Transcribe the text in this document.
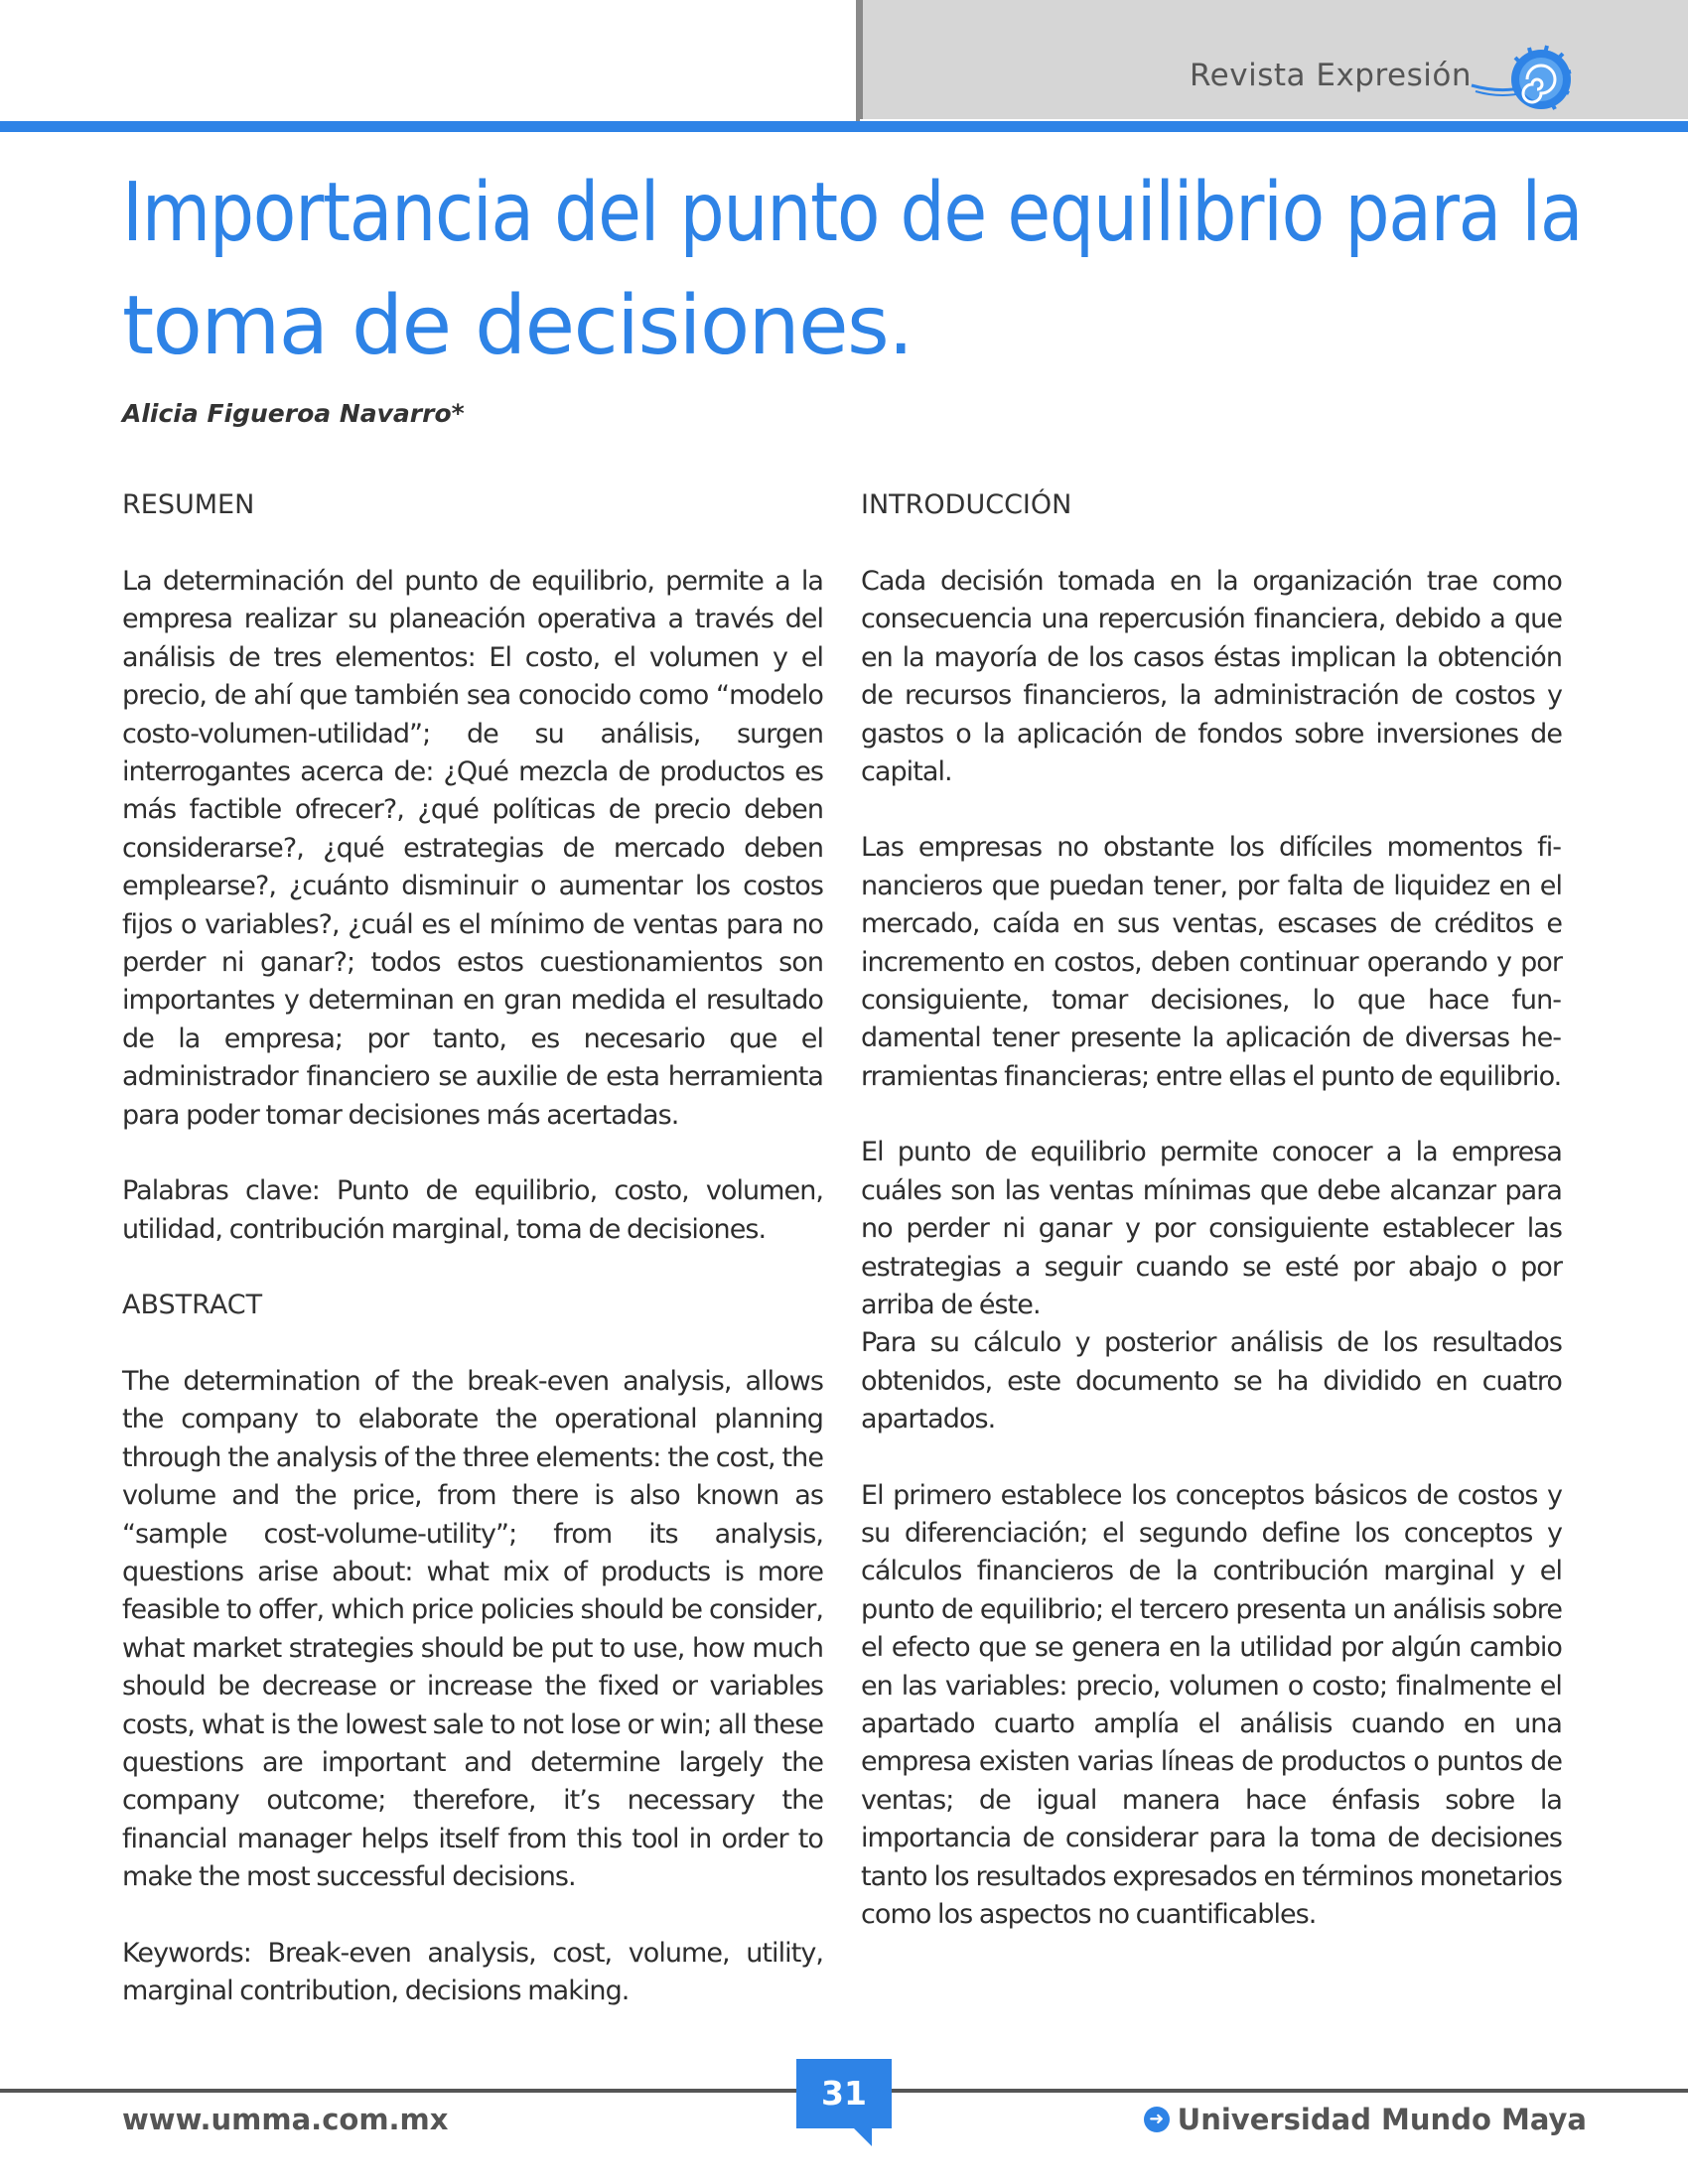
Revista Expresión
Importancia del punto de equilibrio para la
toma de decisiones.
Alicia Figueroa Navarro*
RESUMEN

La determinación del punto de equilibrio, permite a la empresa realizar su planeación operativa a través del análisis de tres elementos: El costo, el volumen y el precio, de ahí que también sea conocido como “modelo costo-volumen-utilidad”; de su análisis, surgen interrogantes acerca de: ¿Qué mezcla de productos es más factible ofrecer?, ¿qué políticas de precio deben considerarse?, ¿qué estrategias de mercado deben emplearse?, ¿cuánto disminuir o aumentar los costos fijos o variables?, ¿cuál es el mínimo de ventas para no perder ni ganar?; todos estos cuestionamientos son importantes y determinan en gran medida el resultado de la empresa; por tanto, es necesario que el administrador financiero se auxilie de esta herramienta para poder tomar decisiones más acertadas.

Palabras clave: Punto de equilibrio, costo, volumen, utilidad, contribución marginal, toma de decisiones.

ABSTRACT

The determination of the break-even analysis, allows the company to elaborate the operational planning through the analysis of the three elements: the cost, the volume and the price, from there is also known as “sample cost-volume-utility”; from its analysis, questions arise about: what mix of products is more feasible to offer, which price policies should be consider, what market strategies should be put to use, how much should be decrease or increase the fixed or variables costs, what is the lowest sale to not lose or win; all these questions are important and determine largely the company outcome; therefore, it’s necessary the financial manager helps itself from this tool in order to make the most successful decisions.

Keywords: Break-even analysis, cost, volume, utility, marginal contribution, decisions making.

INTRODUCCIÓN

Cada decisión tomada en la organización trae como consecuencia una repercusión financiera, debido a que en la mayoría de los casos éstas implican la obtención de recursos financieros, la administración de costos y gastos o la aplicación de fondos sobre inversiones de capital.

Las empresas no obstante los difíciles momentos financieros que puedan tener, por falta de liquidez en el mercado, caída en sus ventas, escases de créditos e incremento en costos, deben continuar operando y por consiguiente, tomar decisiones, lo que hace fundamental tener presente la aplicación de diversas herramientas financieras; entre ellas el punto de equilibrio.

El punto de equilibrio permite conocer a la empresa cuáles son las ventas mínimas que debe alcanzar para no perder ni ganar y por consiguiente establecer las estrategias a seguir cuando se esté por abajo o por arriba de éste.

Para su cálculo y posterior análisis de los resultados obtenidos, este documento se ha dividido en cuatro apartados.

El primero establece los conceptos básicos de costos y su diferenciación; el segundo define los conceptos y cálculos financieros de la contribución marginal y el punto de equilibrio; el tercero presenta un análisis sobre el efecto que se genera en la utilidad por algún cambio en las variables: precio, volumen o costo; finalmente el apartado cuarto amplía el análisis cuando en una empresa existen varias líneas de productos o puntos de ventas; de igual manera hace énfasis sobre la importancia de considerar para la toma de decisiones tanto los resultados expresados en términos monetarios como los aspectos no cuantificables.

31
www.umma.com.mx	➜ Universidad Mundo Maya
